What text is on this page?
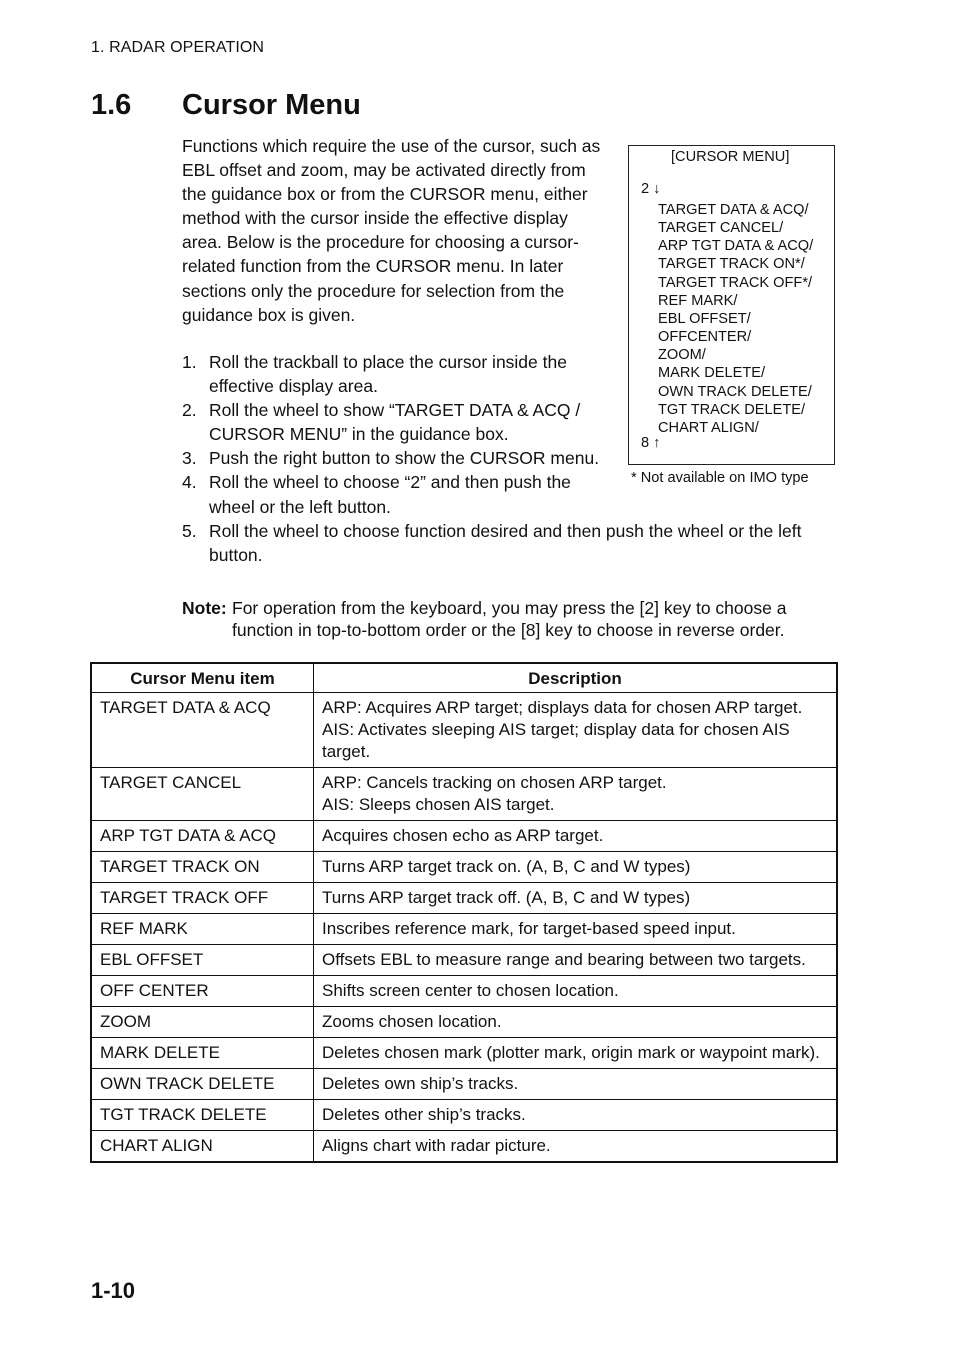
1. RADAR OPERATION
1.6 Cursor Menu
Functions which require the use of the cursor, such as EBL offset and zoom, may be activated directly from the guidance box or from the CURSOR menu, either method with the cursor inside the effective display area. Below is the procedure for choosing a cursor-related function from the CURSOR menu. In later sections only the procedure for selection from the guidance box is given.
1. Roll the trackball to place the cursor inside the effective display area.
2. Roll the wheel to show “TARGET DATA & ACQ / CURSOR MENU” in the guidance box.
3. Push the right button to show the CURSOR menu.
4. Roll the wheel to choose “2” and then push the wheel or the left button.
5. Roll the wheel to choose function desired and then push the wheel or the left button.
Note: For operation from the keyboard, you may press the [2] key to choose a function in top-to-bottom order or the [8] key to choose in reverse order.
[CURSOR MENU]
2 ↓
TARGET DATA & ACQ/
TARGET CANCEL/
ARP TGT DATA & ACQ/
TARGET TRACK ON*/
TARGET TRACK OFF*/
REF MARK/
EBL OFFSET/
OFFCENTER/
ZOOM/
MARK DELETE/
OWN TRACK DELETE/
TGT TRACK DELETE/
CHART ALIGN/
8 ↑
* Not available on IMO type
Cursor Menu item	Description
TARGET DATA & ACQ	ARP: Acquires ARP target; displays data for chosen ARP target.
AIS: Activates sleeping AIS target; display data for chosen AIS target.

TARGET CANCEL	ARP: Cancels tracking on chosen ARP target.
AIS: Sleeps chosen AIS target.

ARP TGT DATA & ACQ	Acquires chosen echo as ARP target.

TARGET TRACK ON	Turns ARP target track on. (A, B, C and W types)

TARGET TRACK OFF	Turns ARP target track off. (A, B, C and W types)

REF MARK	Inscribes reference mark, for target-based speed input.

EBL OFFSET	Offsets EBL to measure range and bearing between two targets.

OFF CENTER	Shifts screen center to chosen location.

ZOOM	Zooms chosen location.

MARK DELETE	Deletes chosen mark (plotter mark, origin mark or waypoint mark).

OWN TRACK DELETE	Deletes own ship’s tracks.

TGT TRACK DELETE	Deletes other ship’s tracks.

CHART ALIGN	Aligns chart with radar picture.
1-10
